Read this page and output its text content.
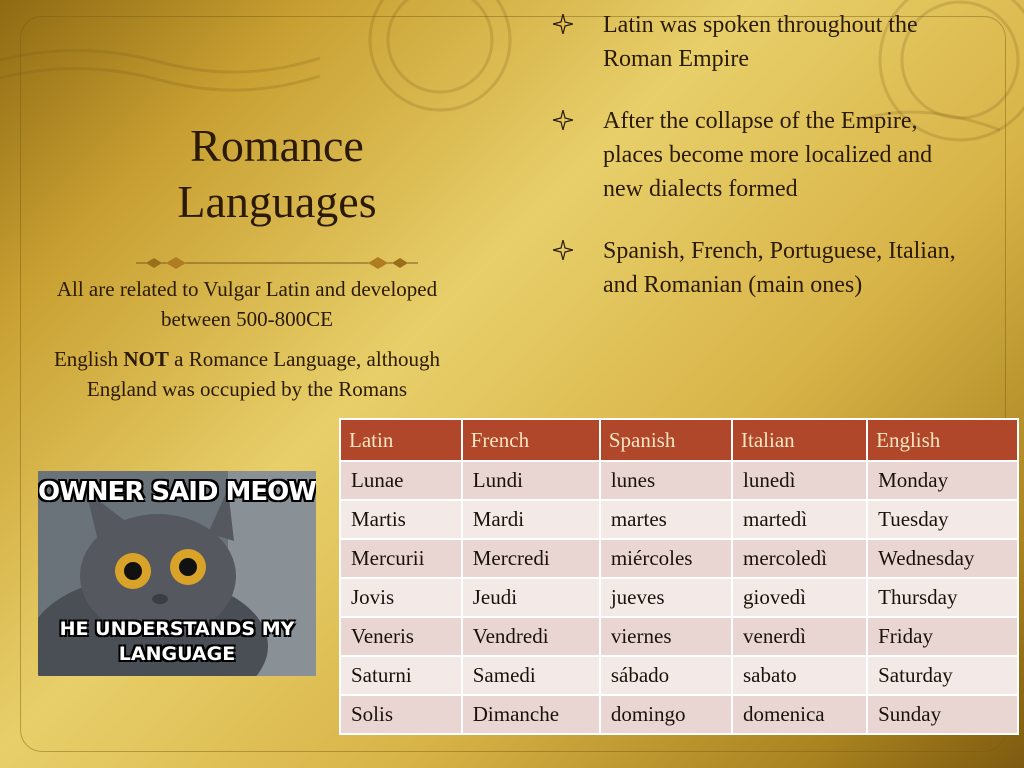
Romance
Languages

All are related to Vulgar Latin and developed between 500-800CE

English NOT a Romance Language, although England was occupied by the Romans

Latin was spoken throughout the Roman Empire
After the collapse of the Empire, places become more localized and new dialects formed
Spanish, French, Portuguese, Italian, and Romanian (main ones)
OWNER SAID MEOW
HE UNDERSTANDS MY
LANGUAGE
Latin	French	Spanish	Italian	English
Lunae	Lundi	lunes	lunedì	Monday
Martis	Mardi	martes	martedì	Tuesday
Mercurii	Mercredi	miércoles	mercoledì	Wednesday
Jovis	Jeudi	jueves	giovedì	Thursday
Veneris	Vendredi	viernes	venerdì	Friday
Saturni	Samedi	sábado	sabato	Saturday
Solis	Dimanche	domingo	domenica	Sunday
